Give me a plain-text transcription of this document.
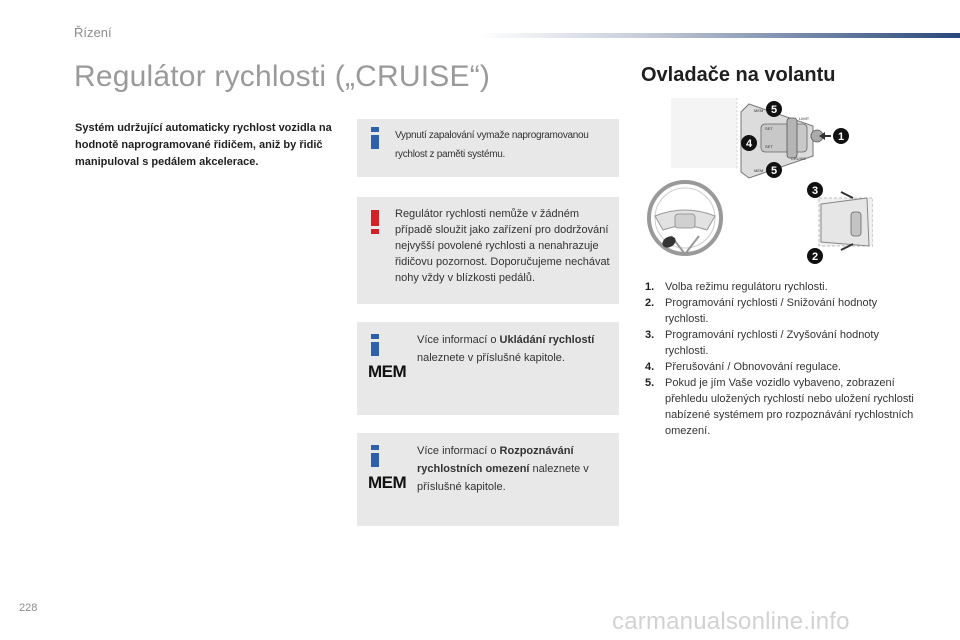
Řízení
Regulátor rychlosti („CRUISE“)	Ovladače na volantu

Systém udržující automaticky rychlost vozidla na hodnotě naprogramované řidičem, aniž by řidič manipuloval s pedálem akcelerace.

Vypnutí zapalování vymaže naprogramovanou rychlost z paměti systému.
Regulátor rychlosti nemůže v žádném případě sloužit jako zařízení pro dodržování nejvyšší povolené rychlosti a nenahrazuje řidičovu pozornost. Doporučujeme nechávat nohy vždy v blízkosti pedálů.
MEM
Více informací o Ukládání rychlostí naleznete v příslušné kapitole.
MEM
Více informací o Rozpoznávání rychlostních omezení naleznete v příslušné kapitole.
MEM
SET
SET
LIMIT
CRUISE
MEM
5
4
1
5
3
2
1. Volba režimu regulátoru rychlosti.
2. Programování rychlosti / Snižování hodnoty rychlosti.
3. Programování rychlosti / Zvyšování hodnoty rychlosti.
4. Přerušování / Obnovování regulace.
5. Pokud je jím Vaše vozidlo vybaveno, zobrazení přehledu uložených rychlostí nebo uložení rychlosti nabízené systémem pro rozpoznávání rychlostních omezení.
228	carmanualsonline.info
